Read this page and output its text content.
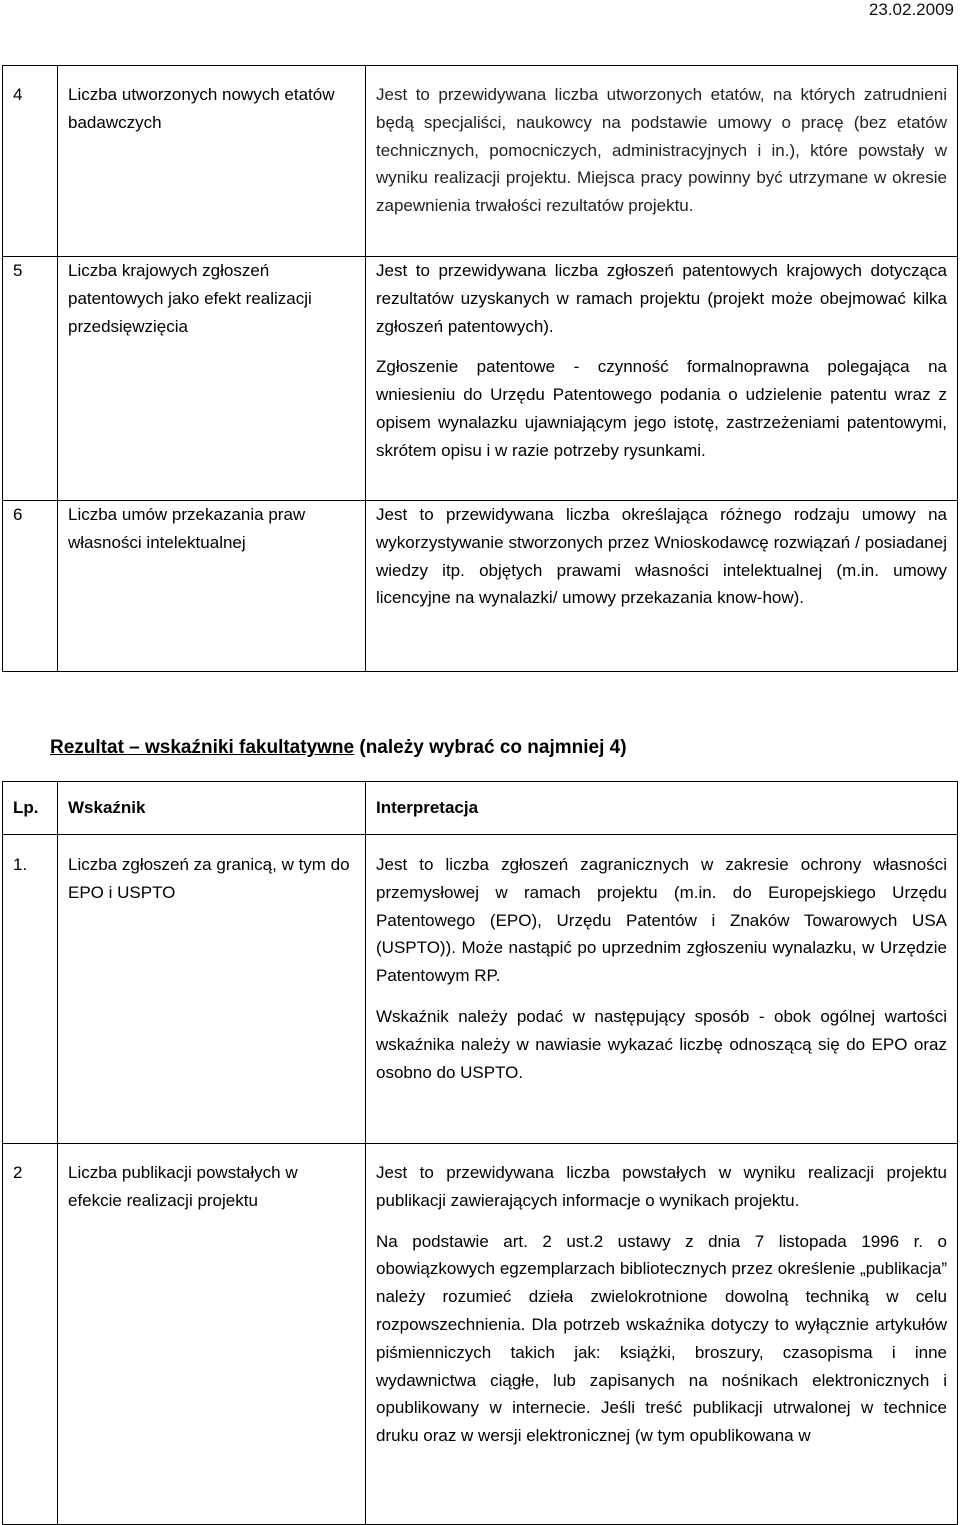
23.02.2009
4	Liczba utworzonych nowych etatów badawczych	Jest to przewidywana liczba utworzonych etatów, na których zatrudnieni będą specjaliści, naukowcy na podstawie umowy o pracę (bez etatów technicznych, pomocniczych, administracyjnych i in.), które powstały w wyniku realizacji projektu. Miejsca pracy powinny być utrzymane w okresie zapewnienia trwałości rezultatów projektu.

5	Liczba krajowych zgłoszeń patentowych jako efekt realizacji przedsięwzięcia	Jest to przewidywana liczba zgłoszeń patentowych krajowych dotycząca rezultatów uzyskanych w ramach projektu (projekt może obejmować kilka zgłoszeń patentowych).

Zgłoszenie patentowe - czynność formalnoprawna polegająca na wniesieniu do Urzędu Patentowego podania o udzielenie patentu wraz z opisem wynalazku ujawniającym jego istotę, zastrzeżeniami patentowymi, skrótem opisu i w razie potrzeby rysunkami.

6	Liczba umów przekazania praw własności intelektualnej	Jest to przewidywana liczba określająca różnego rodzaju umowy na wykorzystywanie stworzonych przez Wnioskodawcę rozwiązań / posiadanej wiedzy itp. objętych prawami własności intelektualnej (m.in. umowy licencyjne na wynalazki/ umowy przekazania know-how).

Rezultat – wskaźniki fakultatywne (należy wybrać co najmniej 4)
Lp.	Wskaźnik	Interpretacja

1.	Liczba zgłoszeń za granicą, w tym do EPO i USPTO	Jest to liczba zgłoszeń zagranicznych w zakresie ochrony własności przemysłowej w ramach projektu (m.in. do Europejskiego Urzędu Patentowego (EPO), Urzędu Patentów i Znaków Towarowych USA (USPTO)). Może nastąpić po uprzednim zgłoszeniu wynalazku, w Urzędzie Patentowym RP.

Wskaźnik należy podać w następujący sposób - obok ogólnej wartości wskaźnika należy w nawiasie wykazać liczbę odnoszącą się do EPO oraz osobno do USPTO.

2	Liczba publikacji powstałych w efekcie realizacji projektu	Jest to przewidywana liczba powstałych w wyniku realizacji projektu publikacji zawierających informacje o wynikach projektu.

Na podstawie art. 2 ust.2 ustawy z dnia 7 listopada 1996 r. o obowiązkowych egzemplarzach bibliotecznych przez określenie „publikacja” należy rozumieć dzieła zwielokrotnione dowolną techniką w celu rozpowszechnienia. Dla potrzeb wskaźnika dotyczy to wyłącznie artykułów piśmienniczych takich jak: książki, broszury, czasopisma i inne wydawnictwa ciągłe, lub zapisanych na nośnikach elektronicznych i opublikowany w internecie. Jeśli treść publikacji utrwalonej w technice druku oraz w wersji elektronicznej (w tym opublikowana w
